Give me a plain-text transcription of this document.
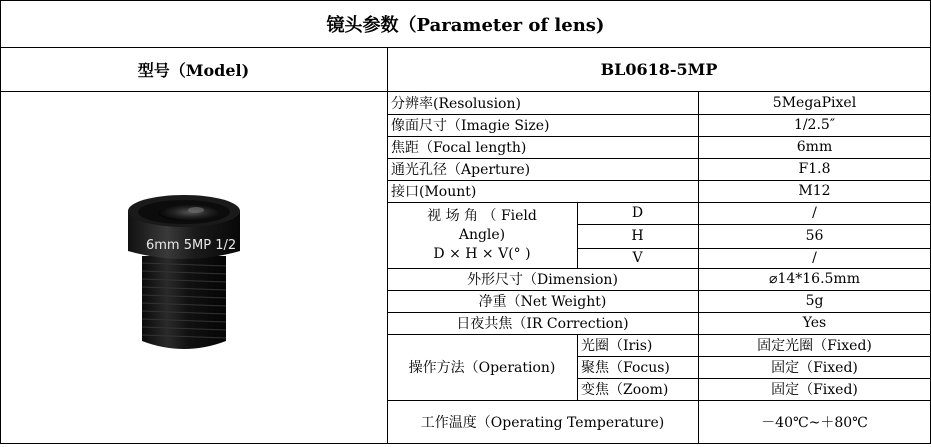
镜头参数（Parameter of lens)
型号（Model)	BL0618-5MP
6mm 5MP 1/2
分辨率(Resolusion)	5MegaPixel
像面尺寸（Imagie Size)	1/2.5″
焦距（Focal length)	6mm
通光孔径（Aperture)	F1.8
接口(Mount)	M12
视 场 角 （ Field
Angle)
D × H × V(° )
D	/
H	56
V	/
外形尺寸（Dimension)	⌀14*16.5mm
净重（Net Weight)	5g
日夜共焦（IR Correction)	Yes
操作方法（Operation)
光圈（Iris)	固定光圈（Fixed)
聚焦（Focus)	固定（Fixed)
变焦（Zoom)	固定（Fixed)
工作温度（Operating Temperature)	－40℃~＋80℃
